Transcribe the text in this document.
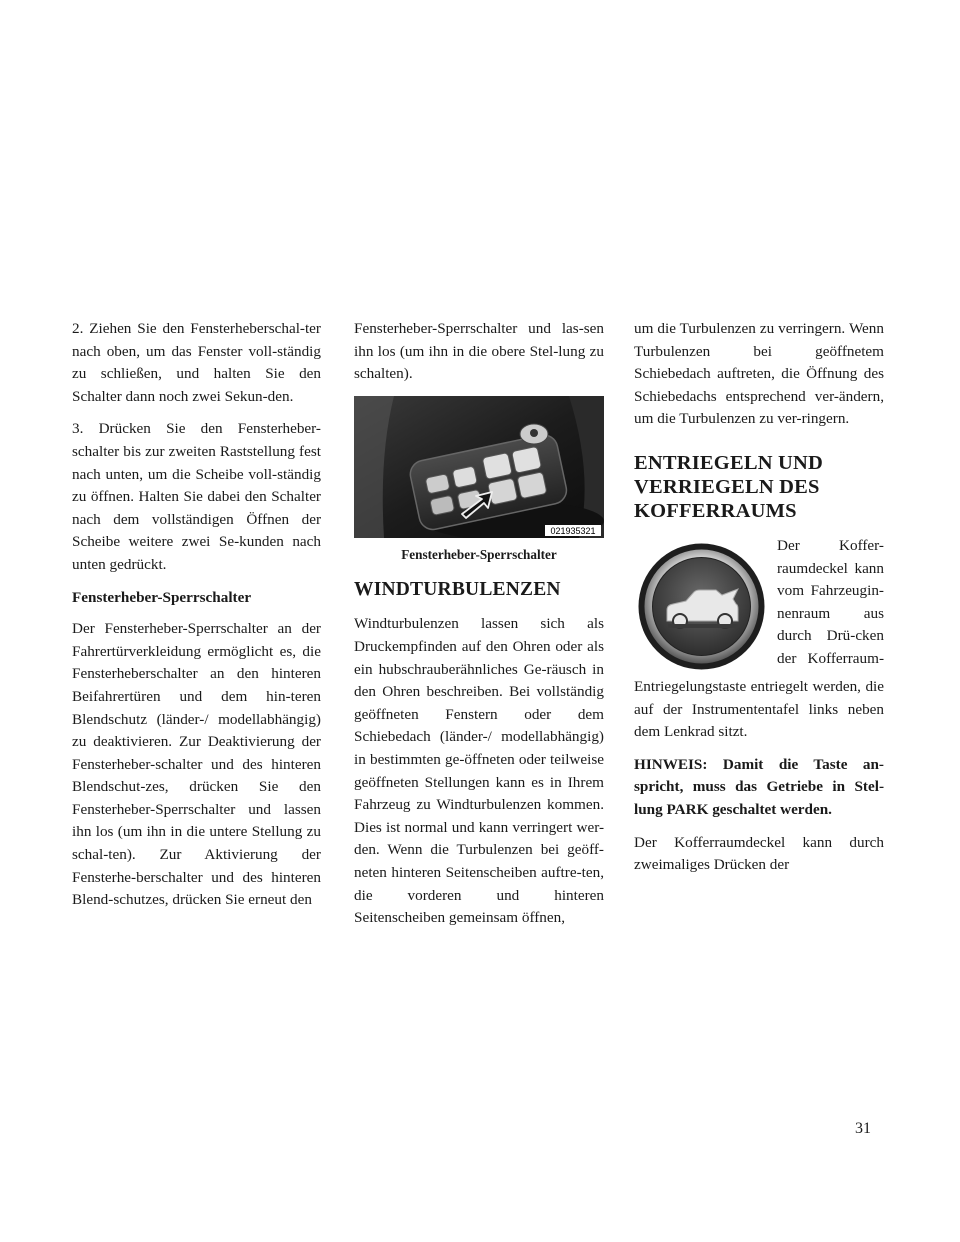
2. Ziehen Sie den Fensterheberschal-ter nach oben, um das Fenster voll-ständig zu schließen, und halten Sie den Schalter dann noch zwei Sekun-den.

3. Drücken Sie den Fensterheber-schalter bis zur zweiten Raststellung fest nach unten, um die Scheibe voll-ständig zu öffnen. Halten Sie dabei den Schalter nach dem vollständigen Öffnen der Scheibe weitere zwei Se-kunden nach unten gedrückt.

Fensterheber-Sperrschalter

Der Fensterheber-Sperrschalter an der Fahrertürverkleidung ermöglicht es, die Fensterheberschalter an den hinteren Beifahrertüren und dem hin-teren Blendschutz (länder-/ modellabhängig) zu deaktivieren. Zur Deaktivierung der Fensterheber-schalter und des hinteren Blendschut-zes, drücken Sie den Fensterheber-Sperrschalter und lassen ihn los (um ihn in die untere Stellung zu schal-ten). Zur Aktivierung der Fensterhe-berschalter und des hinteren Blend-schutzes, drücken Sie erneut den

Fensterheber-Sperrschalter und las-sen ihn los (um ihn in die obere Stel-lung zu schalten).

021935321
Fensterheber-Sperrschalter
WINDTURBULENZEN

Windturbulenzen lassen sich als Druckempfinden auf den Ohren oder als ein hubschrauberähnliches Ge-räusch in den Ohren beschreiben. Bei vollständig geöffneten Fenstern oder dem Schiebedach (länder-/ modellabhängig) in bestimmten ge-öffneten oder teilweise geöffneten Stellungen kann es in Ihrem Fahrzeug zu Windturbulenzen kommen. Dies ist normal und kann verringert wer-den. Wenn die Turbulenzen bei geöff-neten hinteren Seitenscheiben auftre-ten, die vorderen und hinteren Seitenscheiben gemeinsam öffnen,

um die Turbulenzen zu verringern. Wenn Turbulenzen bei geöffnetem Schiebedach auftreten, die Öffnung des Schiebedachs entsprechend ver-ändern, um die Turbulenzen zu ver-ringern.

ENTRIEGELN UND
VERRIEGELN DES
KOFFERRAUMS
Der Koffer-raumdeckel kann vom Fahrzeugin-nenraum aus durch Drü-cken der Kofferraum-Entriegelungstaste entriegelt werden, die auf der Instrumententafel links neben dem Lenkrad sitzt.

HINWEIS: Damit die Taste an-spricht, muss das Getriebe in Stel-lung PARK geschaltet werden.

Der Kofferraumdeckel kann durch zweimaliges Drücken der

31
